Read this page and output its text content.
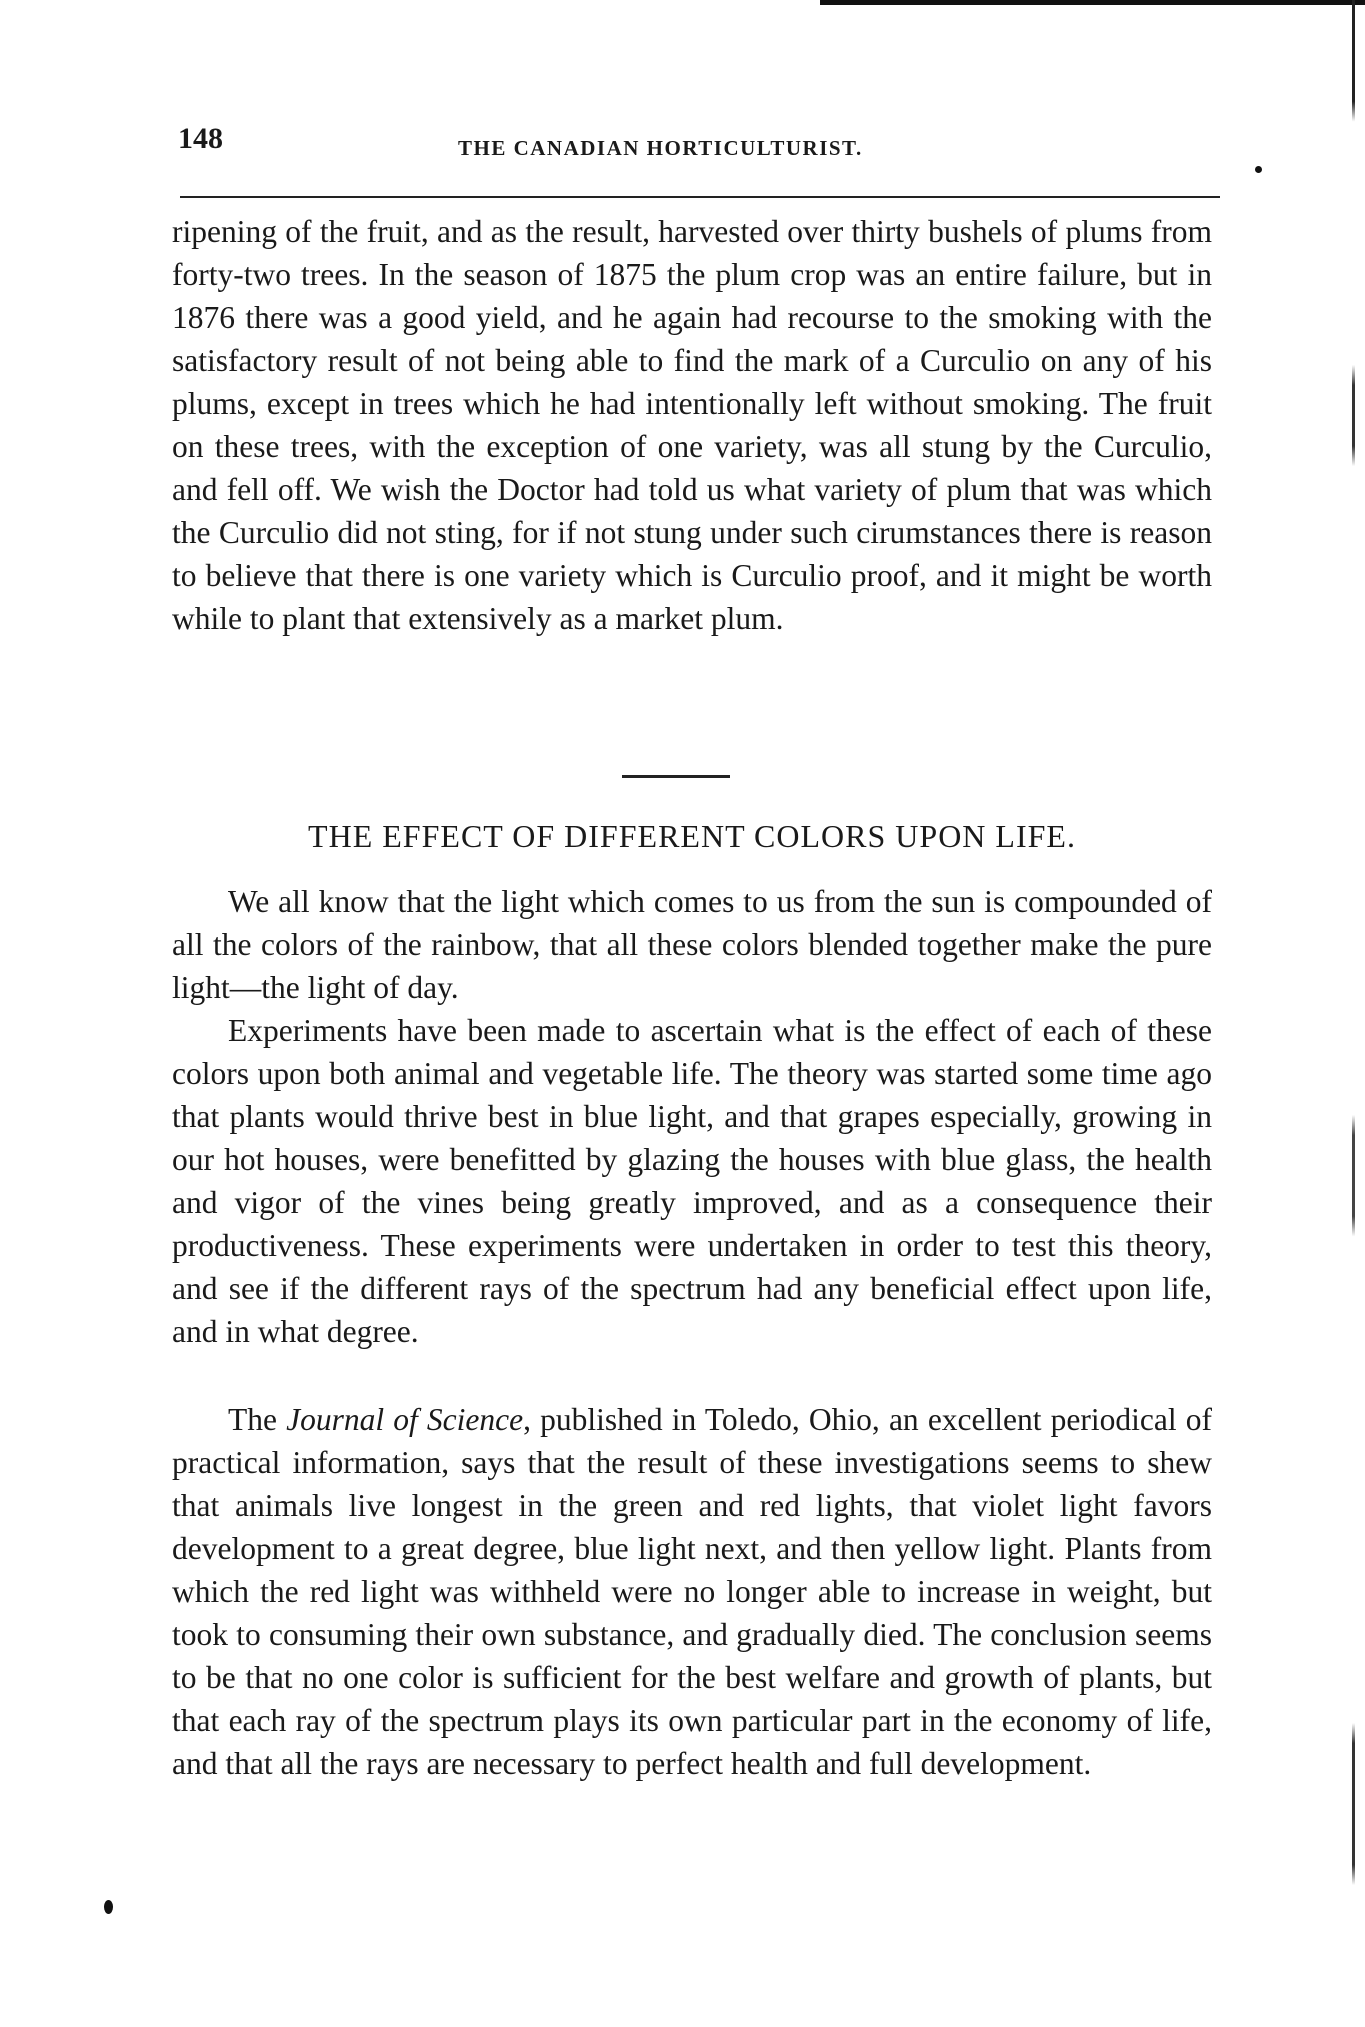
148	THE CANADIAN HORTICULTURIST.

ripening of the fruit, and as the result, harvested over thirty bushels of plums from forty-two trees. In the season of 1875 the plum crop was an entire failure, but in 1876 there was a good yield, and he again had recourse to the smoking with the satisfactory result of not being able to find the mark of a Curculio on any of his plums, except in trees which he had intentionally left without smoking. The fruit on these trees, with the exception of one variety, was all stung by the Curculio, and fell off. We wish the Doctor had told us what variety of plum that was which the Curculio did not sting, for if not stung under such cirumstances there is reason to believe that there is one variety which is Curculio proof, and it might be worth while to plant that extensively as a market plum.

THE EFFECT OF DIFFERENT COLORS UPON LIFE.

We all know that the light which comes to us from the sun is compounded of all the colors of the rainbow, that all these colors blended together make the pure light—the light of day.

Experiments have been made to ascertain what is the effect of each of these colors upon both animal and vegetable life. The theory was started some time ago that plants would thrive best in blue light, and that grapes especially, growing in our hot houses, were benefitted by glazing the houses with blue glass, the health and vigor of the vines being greatly improved, and as a consequence their productiveness. These experiments were undertaken in order to test this theory, and see if the different rays of the spectrum had any beneficial effect upon life, and in what degree.

The Journal of Science, published in Toledo, Ohio, an excellent periodical of practical information, says that the result of these investigations seems to shew that animals live longest in the green and red lights, that violet light favors development to a great degree, blue light next, and then yellow light. Plants from which the red light was withheld were no longer able to increase in weight, but took to consuming their own substance, and gradually died. The conclusion seems to be that no one color is sufficient for the best welfare and growth of plants, but that each ray of the spectrum plays its own particular part in the economy of life, and that all the rays are necessary to perfect health and full development.
